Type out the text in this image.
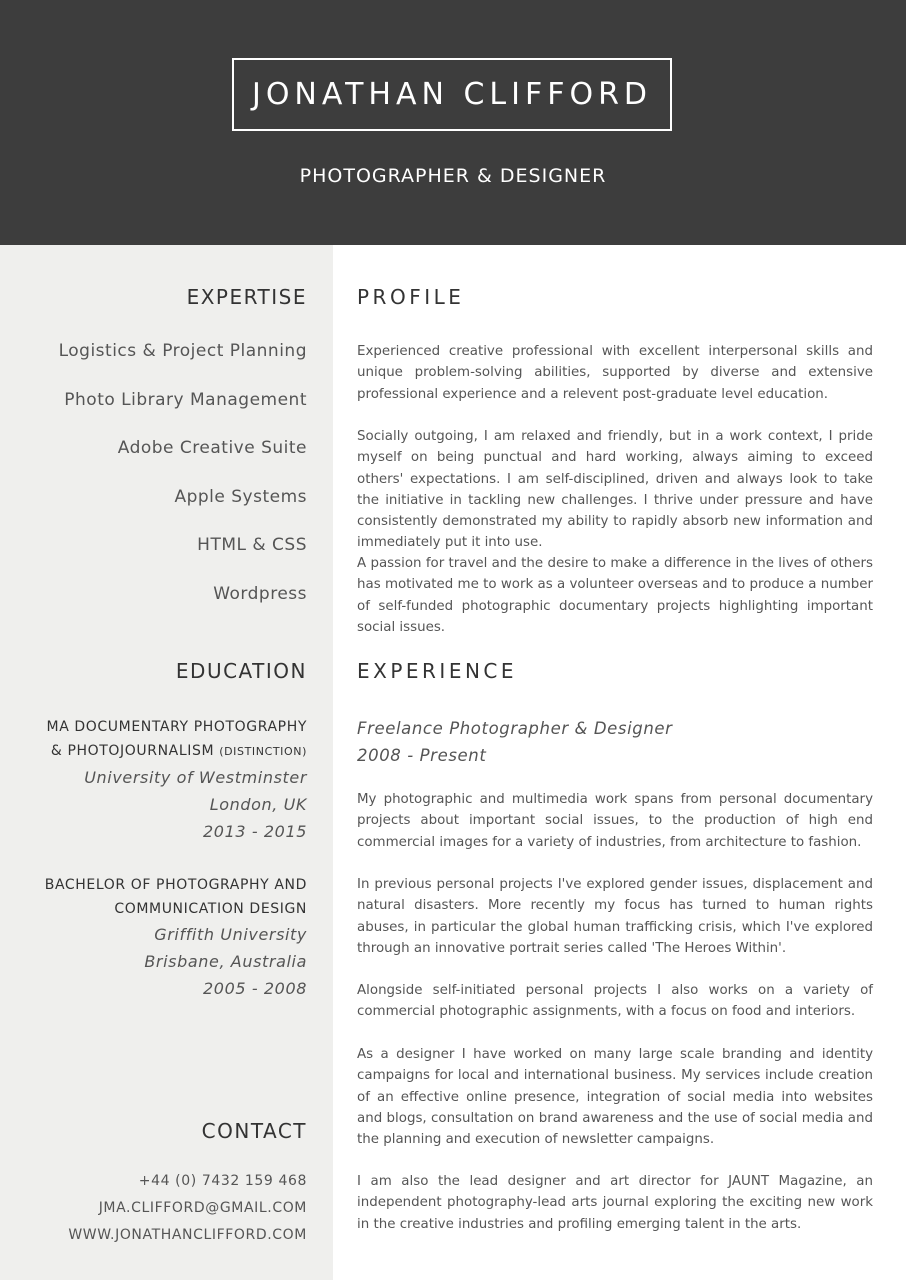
JONATHAN CLIFFORD
PHOTOGRAPHER & DESIGNER
EXPERTISE
Logistics & Project Planning
Photo Library Management
Adobe Creative Suite
Apple Systems
HTML & CSS
Wordpress
EDUCATION
MA DOCUMENTARY PHOTOGRAPHY
& PHOTOJOURNALISM (DISTINCTION)
University of Westminster
London, UK
2013 - 2015
BACHELOR OF PHOTOGRAPHY AND
COMMUNICATION DESIGN
Griffith University
Brisbane, Australia
2005 - 2008
CONTACT
+44 (0) 7432 159 468
JMA.CLIFFORD@GMAIL.COM
WWW.JONATHANCLIFFORD.COM
PROFILE
Experienced creative professional with excellent interpersonal skills and unique problem-solving abilities, supported by diverse and extensive professional experience and a relevent post-graduate level education.
Socially outgoing, I am relaxed and friendly, but in a work context, I pride myself on being punctual and hard working, always aiming to exceed others' expectations. I am self-disciplined, driven and always look to take the initiative in tackling new challenges. I thrive under pressure and have consistently demonstrated my ability to rapidly absorb new information and immediately put it into use.
A passion for travel and the desire to make a difference in the lives of others has motivated me to work as a volunteer overseas and to produce a number of self-funded photographic documentary projects highlighting important social issues.
EXPERIENCE
Freelance Photographer & Designer
2008 - Present
My photographic and multimedia work spans from personal documentary projects about important social issues, to the production of high end commercial images for a variety of industries, from architecture to fashion.
In previous personal projects I've explored gender issues, displacement and natural disasters. More recently my focus has turned to human rights abuses, in particular the global human trafficking crisis, which I've explored through an innovative portrait series called 'The Heroes Within'.
Alongside self-initiated personal projects I also works on a variety of commercial photographic assignments, with a focus on food and interiors.
As a designer I have worked on many large scale branding and identity campaigns for local and international business. My services include creation of an effective online presence, integration of social media into websites and blogs, consultation on brand awareness and the use of social media and the planning and execution of newsletter campaigns.
I am also the lead designer and art director for JAUNT Magazine, an independent photography-lead arts journal exploring the exciting new work in the creative industries and profiling emerging talent in the arts.
